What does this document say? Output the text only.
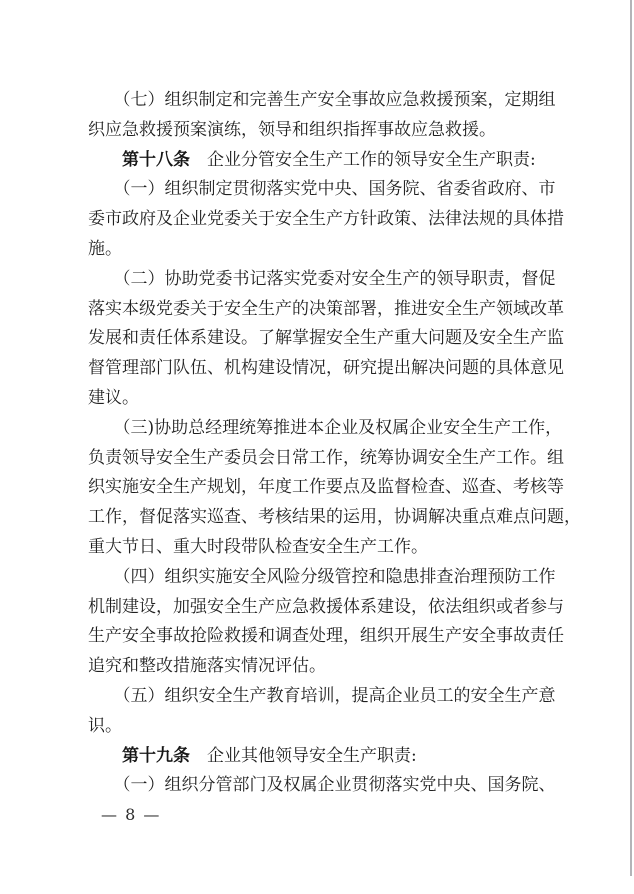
　　（七）组织制定和完善生产安全事故应急救援预案，定期组
织应急救援预案演练，领导和组织指挥事故应急救援。
　　第十八条　企业分管安全生产工作的领导安全生产职责:
　　（一）组织制定贯彻落实党中央、国务院、省委省政府、市
委市政府及企业党委关于安全生产方针政策、法律法规的具体措
施。
　　（二）协助党委书记落实党委对安全生产的领导职责，督促
落实本级党委关于安全生产的决策部署，推进安全生产领域改革
发展和责任体系建设。了解掌握安全生产重大问题及安全生产监
督管理部门队伍、机构建设情况，研究提出解决问题的具体意见
建议。
　　（三)协助总经理统筹推进本企业及权属企业安全生产工作，
负责领导安全生产委员会日常工作，统筹协调安全生产工作。组
织实施安全生产规划，年度工作要点及监督检查、巡查、考核等
工作，督促落实巡查、考核结果的运用，协调解决重点难点问题，
重大节日、重大时段带队检查安全生产工作。
　　（四）组织实施安全风险分级管控和隐患排查治理预防工作
机制建设，加强安全生产应急救援体系建设，依法组织或者参与
生产安全事故抢险救援和调查处理，组织开展生产安全事故责任
追究和整改措施落实情况评估。
　　（五）组织安全生产教育培训，提高企业员工的安全生产意
识。
　　第十九条　企业其他领导安全生产职责:
　　（一）组织分管部门及权属企业贯彻落实党中央、国务院、
— 8 —
